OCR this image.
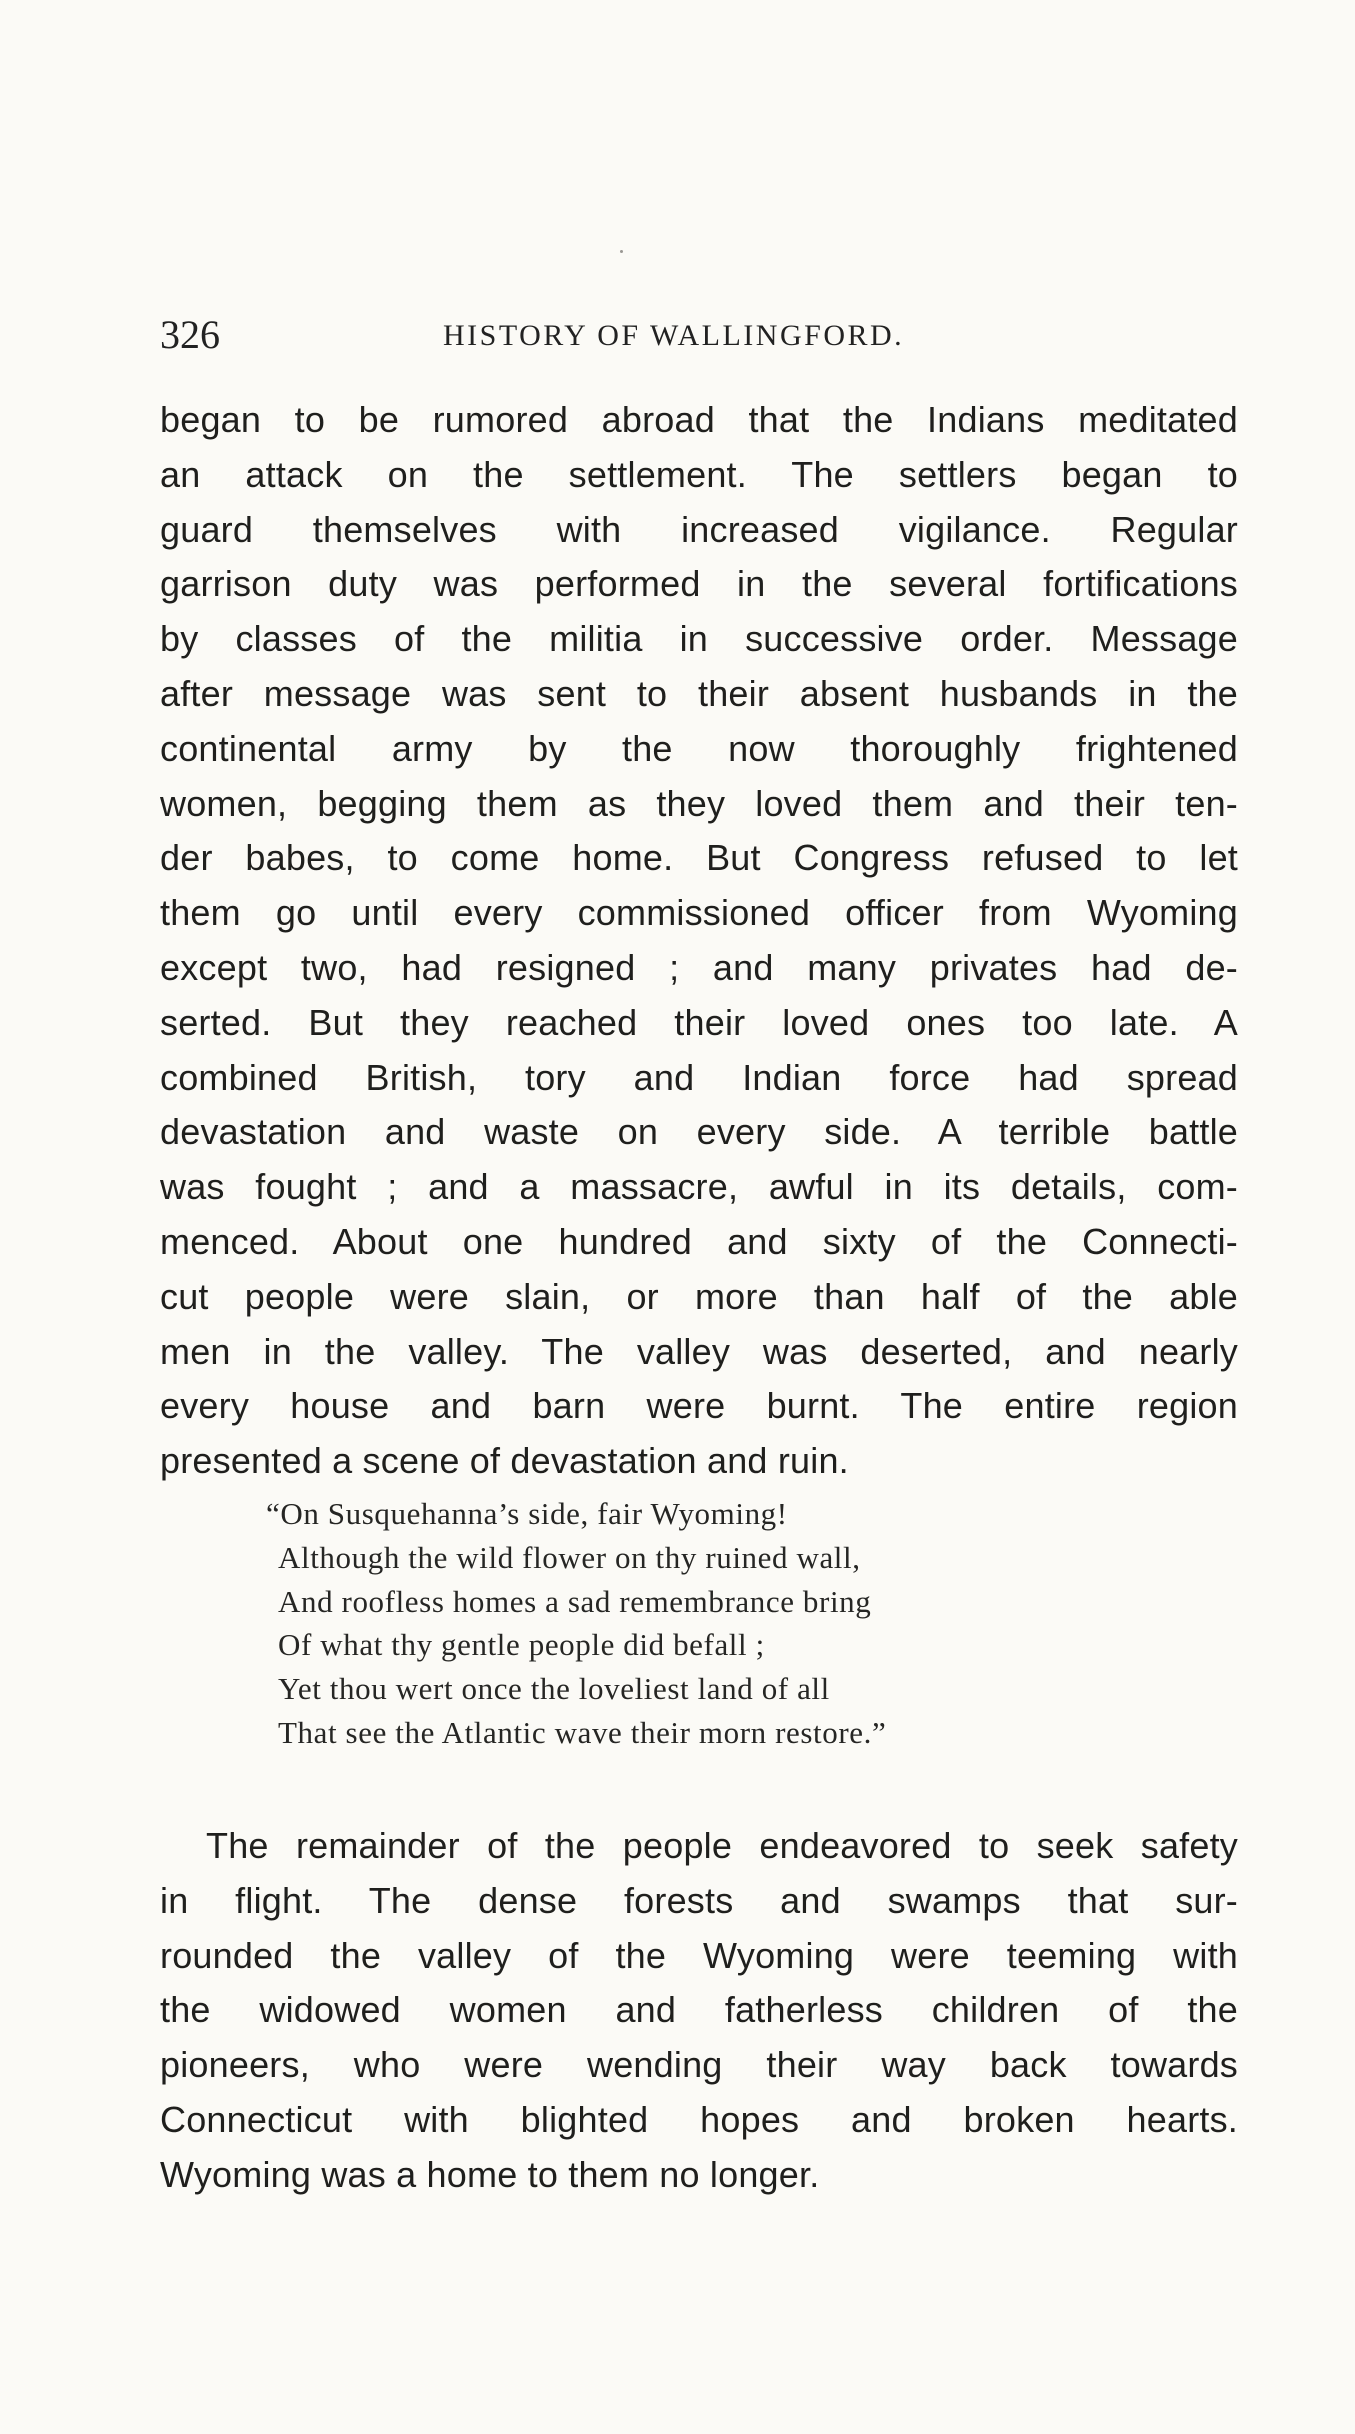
326	HISTORY OF WALLINGFORD.
began to be rumored abroad that the Indians meditated
an attack on the settlement. The settlers began to
guard themselves with increased vigilance. Regular
garrison duty was performed in the several fortifications
by classes of the militia in successive order. Message
after message was sent to their absent husbands in the
continental army by the now thoroughly frightened
women, begging them as they loved them and their ten-
der babes, to come home. But Congress refused to let
them go until every commissioned officer from Wyoming
except two, had resigned ; and many privates had de-
serted. But they reached their loved ones too late. A
combined British, tory and Indian force had spread
devastation and waste on every side. A terrible battle
was fought ; and a massacre, awful in its details, com-
menced. About one hundred and sixty of the Connecti-
cut people were slain, or more than half of the able
men in the valley. The valley was deserted, and nearly
every house and barn were burnt. The entire region
presented a scene of devastation and ruin.
“On Susquehanna’s side, fair Wyoming!
Although the wild flower on thy ruined wall,
And roofless homes a sad remembrance bring
Of what thy gentle people did befall ;
Yet thou wert once the loveliest land of all
That see the Atlantic wave their morn restore.”
The remainder of the people endeavored to seek safety
in flight. The dense forests and swamps that sur-
rounded the valley of the Wyoming were teeming with
the widowed women and fatherless children of the
pioneers, who were wending their way back towards
Connecticut with blighted hopes and broken hearts.
Wyoming was a home to them no longer.
